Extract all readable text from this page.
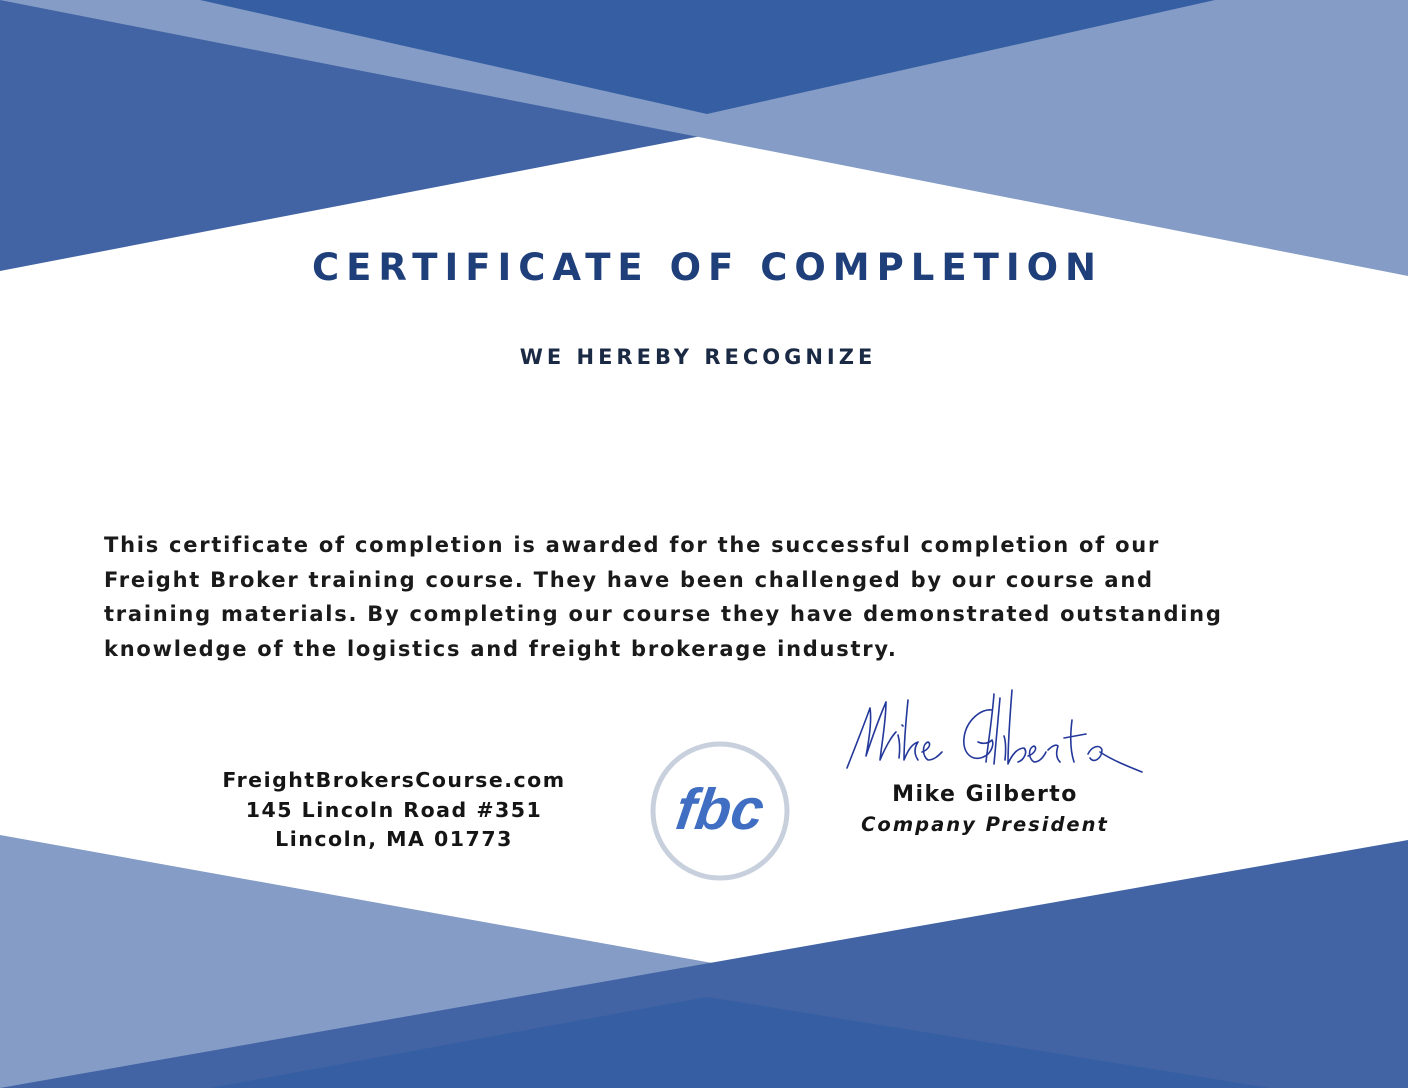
CERTIFICATE OF COMPLETION
WE HEREBY RECOGNIZE
This certificate of completion is awarded for the successful completion of our
Freight Broker training course. They have been challenged by our course and
training materials. By completing our course they have demonstrated outstanding
knowledge of the logistics and freight brokerage industry.
FreightBrokersCourse.com
145 Lincoln Road #351
Lincoln, MA 01773	fbc	Mike Gilberto
Company President
